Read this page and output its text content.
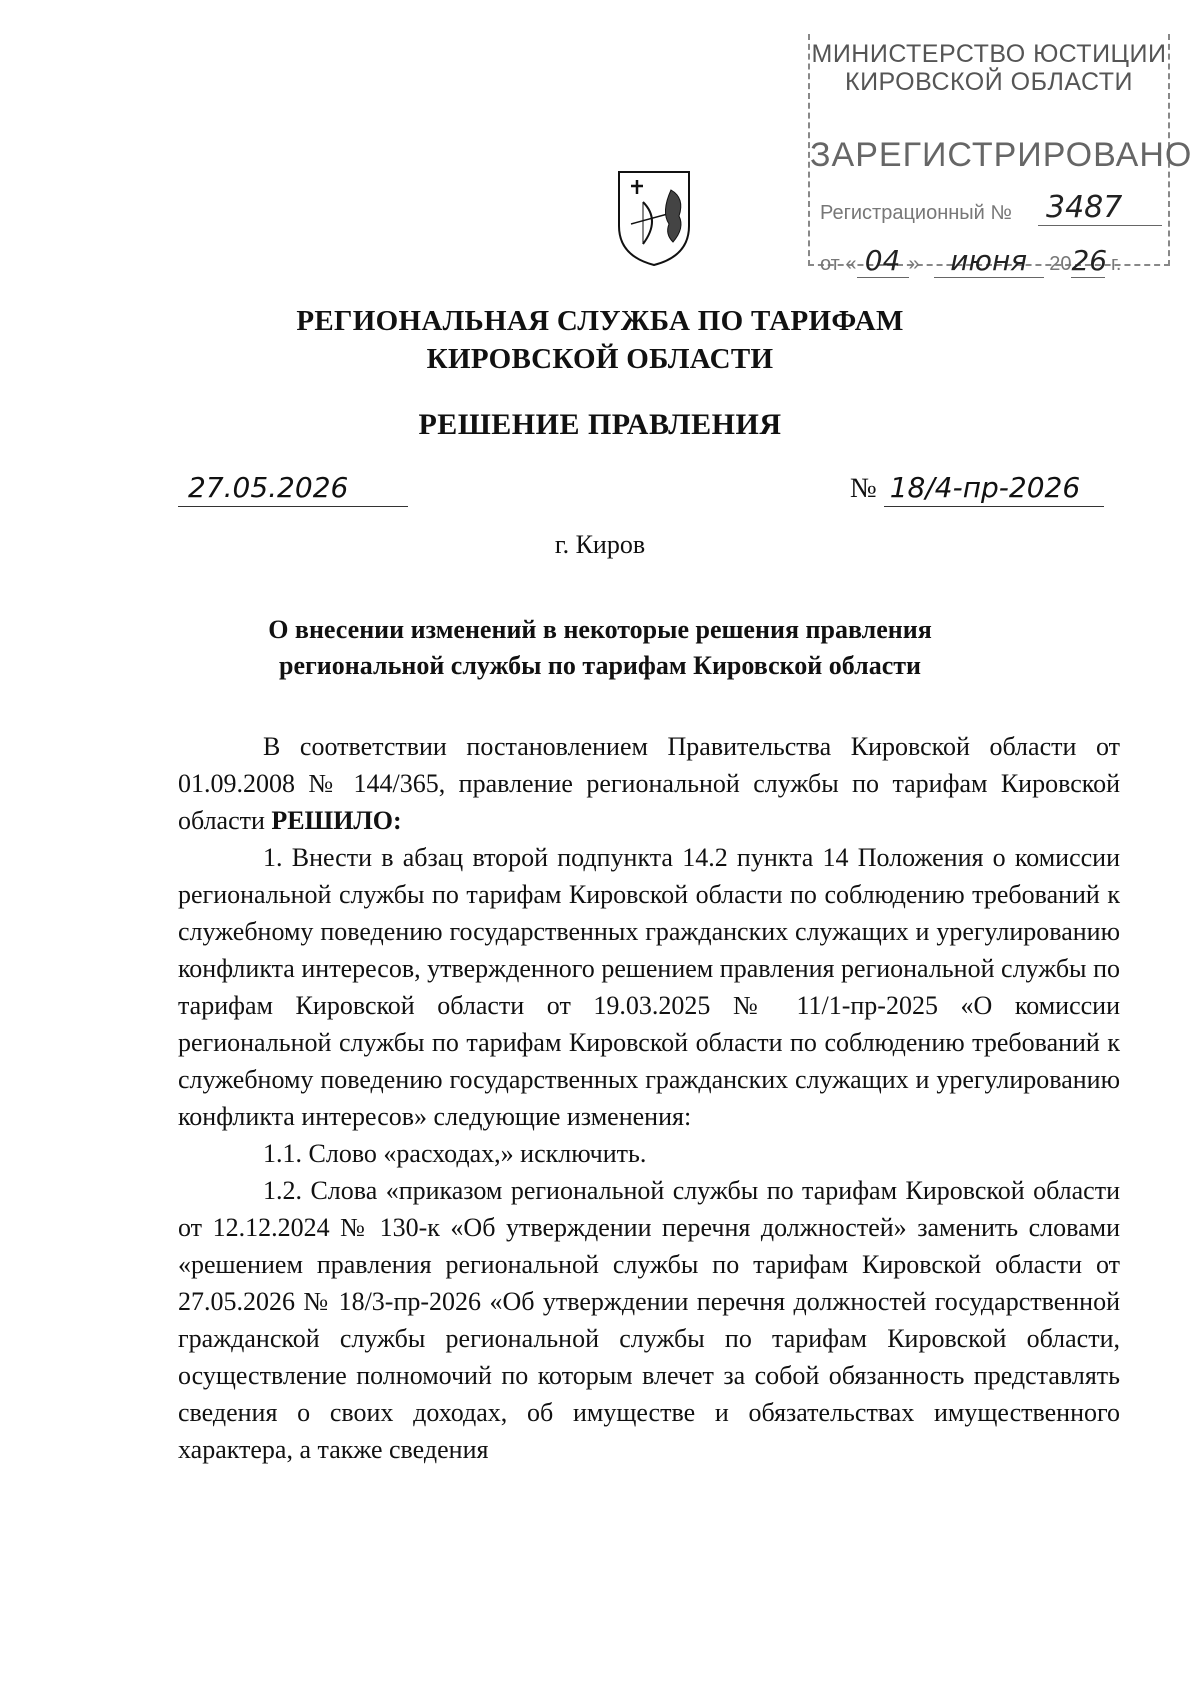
МИНИСТЕРСТВО ЮСТИЦИИ
КИРОВСКОЙ ОБЛАСТИ
ЗАРЕГИСТРИРОВАНО
Регистрационный № 3487
от « 04 » июня 2026 г.
РЕГИОНАЛЬНАЯ СЛУЖБА ПО ТАРИФАМ
КИРОВСКОЙ ОБЛАСТИ
РЕШЕНИЕ ПРАВЛЕНИЯ
27.05.2026	№ 18/4-пр-2026
г. Киров
О внесении изменений в некоторые решения правления
региональной службы по тарифам Кировской области

В соответствии постановлением Правительства Кировской области от 01.09.2008 № 144/365, правление региональной службы по тарифам Кировской области РЕШИЛО:

1. Внести в абзац второй подпункта 14.2 пункта 14 Положения о комиссии региональной службы по тарифам Кировской области по соблюдению требований к служебному поведению государственных гражданских служащих и урегулированию конфликта интересов, утвержденного решением правления региональной службы по тарифам Кировской области от 19.03.2025 № 11/1-пр-2025 «О комиссии региональной службы по тарифам Кировской области по соблюдению требований к служебному поведению государственных гражданских служащих и урегулированию конфликта интересов» следующие изменения:

1.1. Слово «расходах,» исключить.

1.2. Слова «приказом региональной службы по тарифам Кировской области от 12.12.2024 № 130-к «Об утверждении перечня должностей» заменить словами «решением правления региональной службы по тарифам Кировской области от 27.05.2026 № 18/3-пр-2026 «Об утверждении перечня должностей государственной гражданской службы региональной службы по тарифам Кировской области, осуществление полномочий по которым влечет за собой обязанность представлять сведения о своих доходах, об имуществе и обязательствах имущественного характера, а также сведения
